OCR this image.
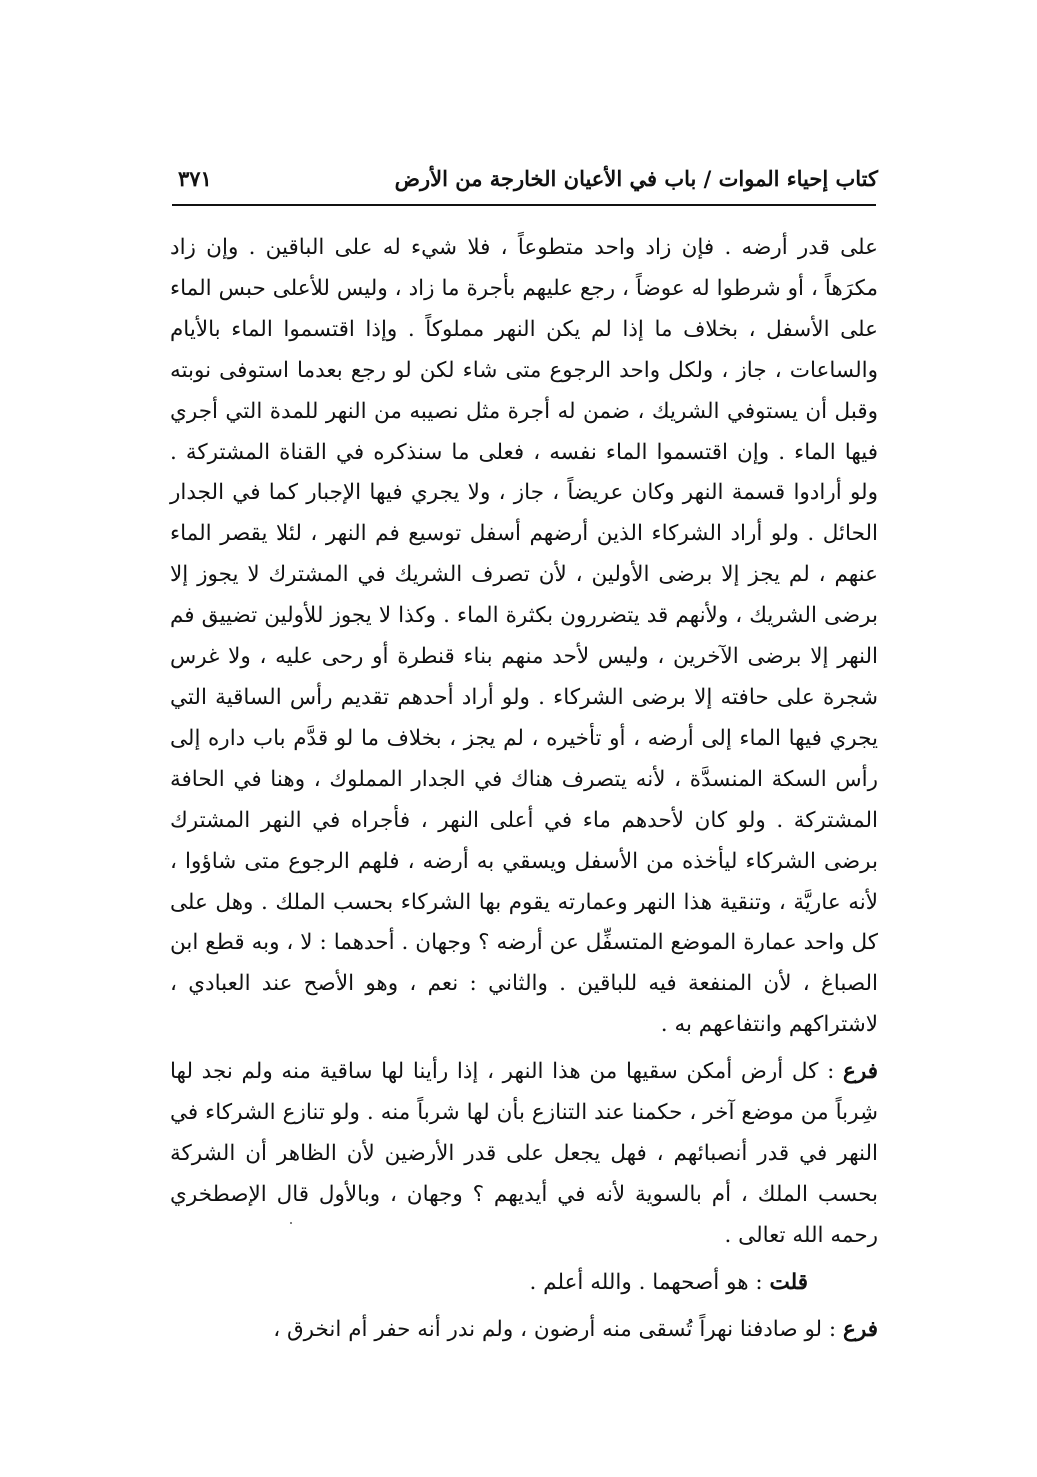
كتاب إحياء الموات / باب في الأعيان الخارجة من الأرض
٣٧١

على قدر أرضه . فإن زاد واحد متطوعاً ، فلا شيء له على الباقين . وإن زاد مكرَهاً ، أو شرطوا له عوضاً ، رجع عليهم بأجرة ما زاد ، وليس للأعلى حبس الماء على الأسفل ، بخلاف ما إذا لم يكن النهر مملوكاً . وإذا اقتسموا الماء بالأيام والساعات ، جاز ، ولكل واحد الرجوع متى شاء لكن لو رجع بعدما استوفى نوبته وقبل أن يستوفي الشريك ، ضمن له أجرة مثل نصيبه من النهر للمدة التي أجري فيها الماء . وإن اقتسموا الماء نفسه ، فعلى ما سنذكره في القناة المشتركة . ولو أرادوا قسمة النهر وكان عريضاً ، جاز ، ولا يجري فيها الإجبار كما في الجدار الحائل . ولو أراد الشركاء الذين أرضهم أسفل توسيع فم النهر ، لئلا يقصر الماء عنهم ، لم يجز إلا برضى الأولين ، لأن تصرف الشريك في المشترك لا يجوز إلا برضى الشريك ، ولأنهم قد يتضررون بكثرة الماء . وكذا لا يجوز للأولين تضييق فم النهر إلا برضى الآخرين ، وليس لأحد منهم بناء قنطرة أو رحى عليه ، ولا غرس شجرة على حافته إلا برضى الشركاء . ولو أراد أحدهم تقديم رأس الساقية التي يجري فيها الماء إلى أرضه ، أو تأخيره ، لم يجز ، بخلاف ما لو قدَّم باب داره إلى رأس السكة المنسدَّة ، لأنه يتصرف هناك في الجدار المملوك ، وهنا في الحافة المشتركة . ولو كان لأحدهم ماء في أعلى النهر ، فأجراه في النهر المشترك برضى الشركاء ليأخذه من الأسفل ويسقي به أرضه ، فلهم الرجوع متى شاؤوا ، لأنه عاريَّة ، وتنقية هذا النهر وعمارته يقوم بها الشركاء بحسب الملك . وهل على كل واحد عمارة الموضع المتسفِّل عن أرضه ؟ وجهان . أحدهما : لا ، وبه قطع ابن الصباغ ، لأن المنفعة فيه للباقين . والثاني : نعم ، وهو الأصح عند العبادي ، لاشتراكهم وانتفاعهم به .

فرع : كل أرض أمكن سقيها من هذا النهر ، إذا رأينا لها ساقية منه ولم نجد لها شِرباً من موضع آخر ، حكمنا عند التنازع بأن لها شرباً منه . ولو تنازع الشركاء في النهر في قدر أنصبائهم ، فهل يجعل على قدر الأرضين لأن الظاهر أن الشركة بحسب الملك ، أم بالسوية لأنه في أيديهم ؟ وجهان ، وبالأول قال الإصطخري رحمه الله تعالى .

قلت : هو أصحهما . والله أعلم .

فرع : لو صادفنا نهراً تُسقى منه أرضون ، ولم ندر أنه حفر أم انخرق ،
